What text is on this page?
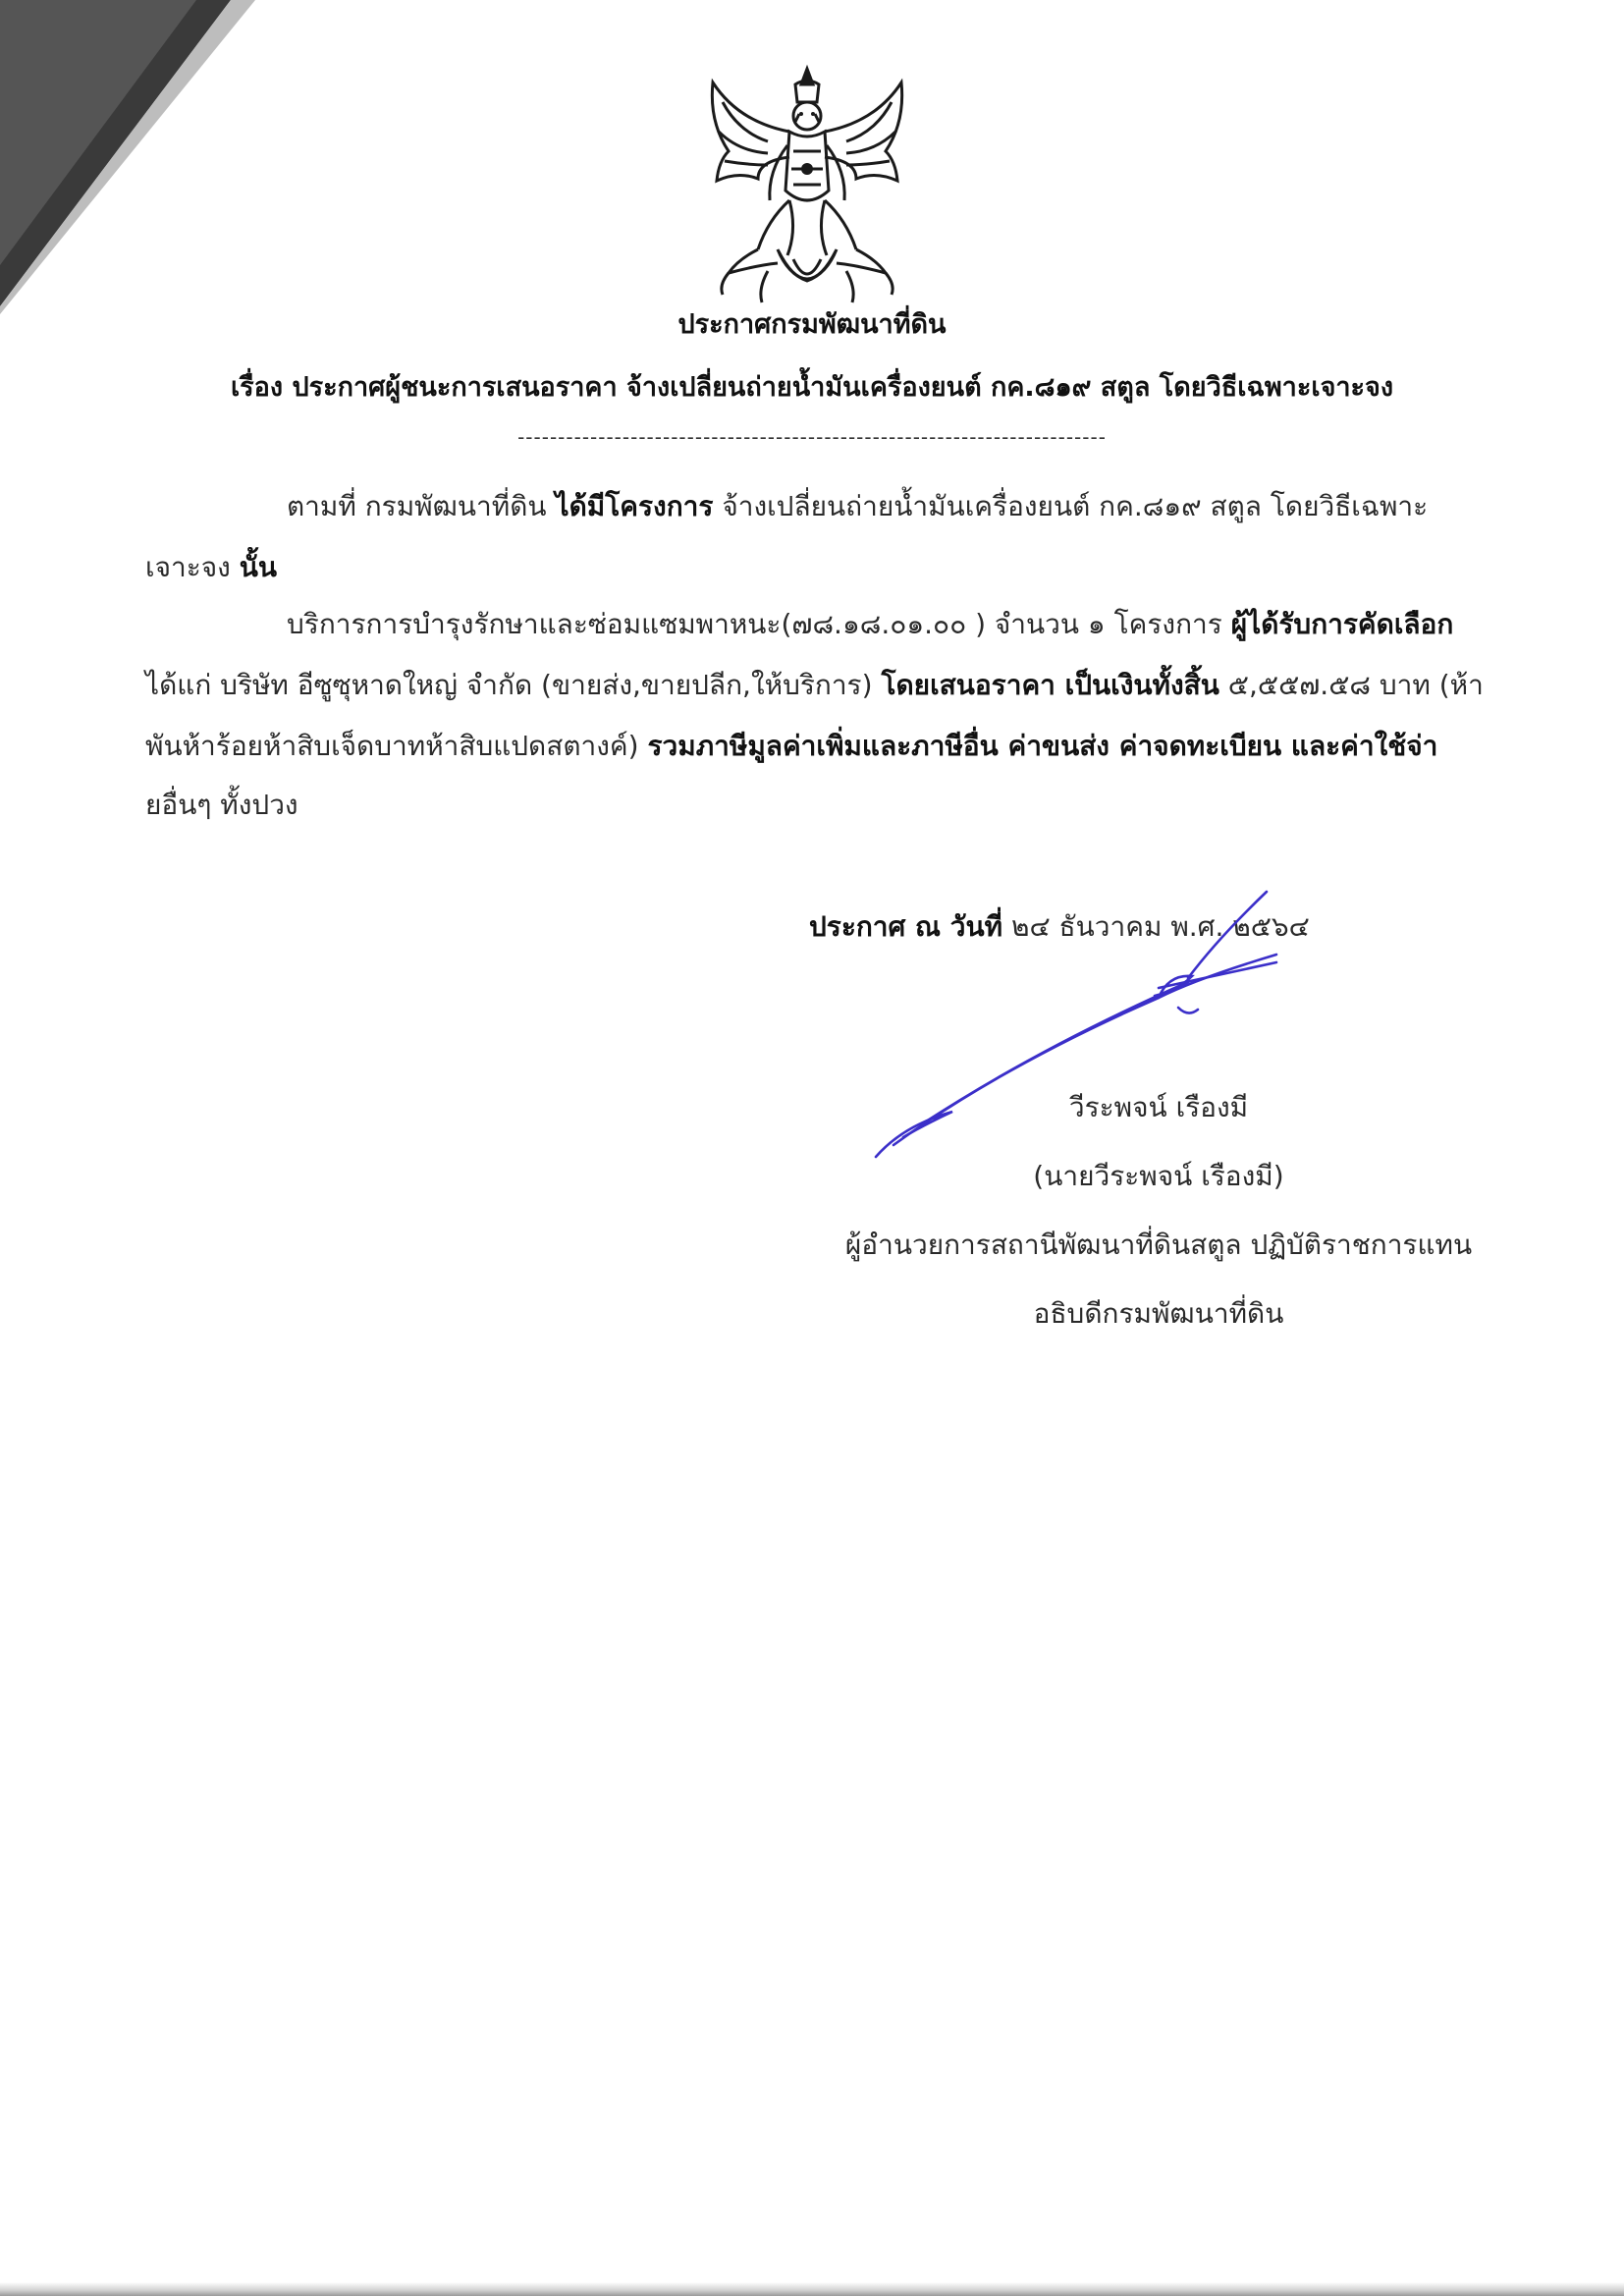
ประกาศกรมพัฒนาที่ดิน
เรื่อง ประกาศผู้ชนะการเสนอราคา จ้างเปลี่ยนถ่ายน้ำมันเครื่องยนต์ กค.๘๑๙ สตูล โดยวิธีเฉพาะเจาะจง
-------------------------------------------------------------------------
ตามที่ กรมพัฒนาที่ดิน ได้มีโครงการ จ้างเปลี่ยนถ่ายน้ำมันเครื่องยนต์ กค.๘๑๙ สตูล โดยวิธีเฉพาะ
เจาะจง นั้น
บริการการบำรุงรักษาและซ่อมแซมพาหนะ(๗๘.๑๘.๐๑.๐๐ ) จำนวน ๑ โครงการ ผู้ได้รับการคัดเลือก
ได้แก่ บริษัท อีซูซุหาดใหญ่ จำกัด (ขายส่ง,ขายปลีก,ให้บริการ) โดยเสนอราคา เป็นเงินทั้งสิ้น ๕,๕๕๗.๕๘ บาท (ห้า
พันห้าร้อยห้าสิบเจ็ดบาทห้าสิบแปดสตางค์) รวมภาษีมูลค่าเพิ่มและภาษีอื่น ค่าขนส่ง ค่าจดทะเบียน และค่าใช้จ่า
ยอื่นๆ ทั้งปวง
ประกาศ ณ วันที่ ๒๔ ธันวาคม พ.ศ. ๒๕๖๔
วีระพจน์ เรืองมี
(นายวีระพจน์ เรืองมี)
ผู้อำนวยการสถานีพัฒนาที่ดินสตูล ปฏิบัติราชการแทน
อธิบดีกรมพัฒนาที่ดิน
